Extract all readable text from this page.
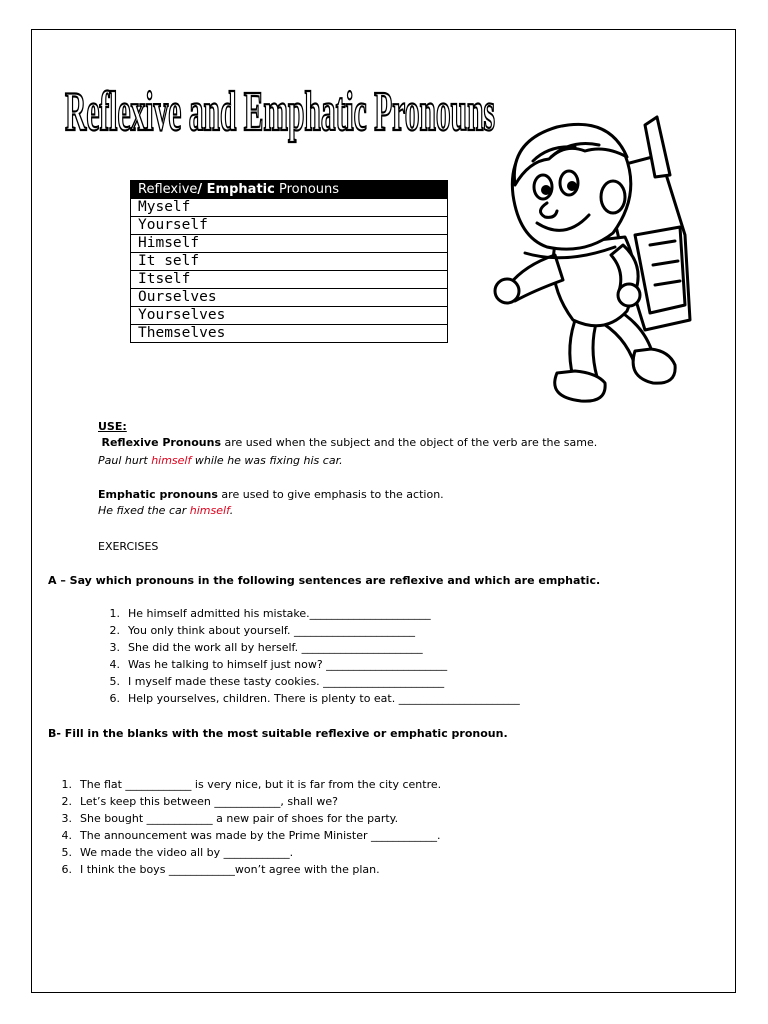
Reflexive and Emphatic Pronouns
Reflexive/ Emphatic Pronouns
Myself
Yourself
Himself
It self
Itself
Ourselves
Yourselves
Themselves
USE:
Reflexive Pronouns are used when the subject and the object of the verb are the same.
Paul hurt himself while he was fixing his car.
Emphatic pronouns are used to give emphasis to the action.
He fixed the car himself.
EXERCISES
A – Say which pronouns in the following sentences are reflexive and which are emphatic.
1. He himself admitted his mistake.______________________
2. You only think about yourself. ______________________
3. She did the work all by herself. ______________________
4. Was he talking to himself just now? ______________________
5. I myself made these tasty cookies. ______________________
6. Help yourselves, children. There is plenty to eat. ______________________
B- Fill in the blanks with the most suitable reflexive or emphatic pronoun.
1. The flat ____________ is very nice, but it is far from the city centre.
2. Let’s keep this between ____________, shall we?
3. She bought ____________ a new pair of shoes for the party.
4. The announcement was made by the Prime Minister ____________.
5. We made the video all by ____________.
6. I think the boys ____________won’t agree with the plan.
